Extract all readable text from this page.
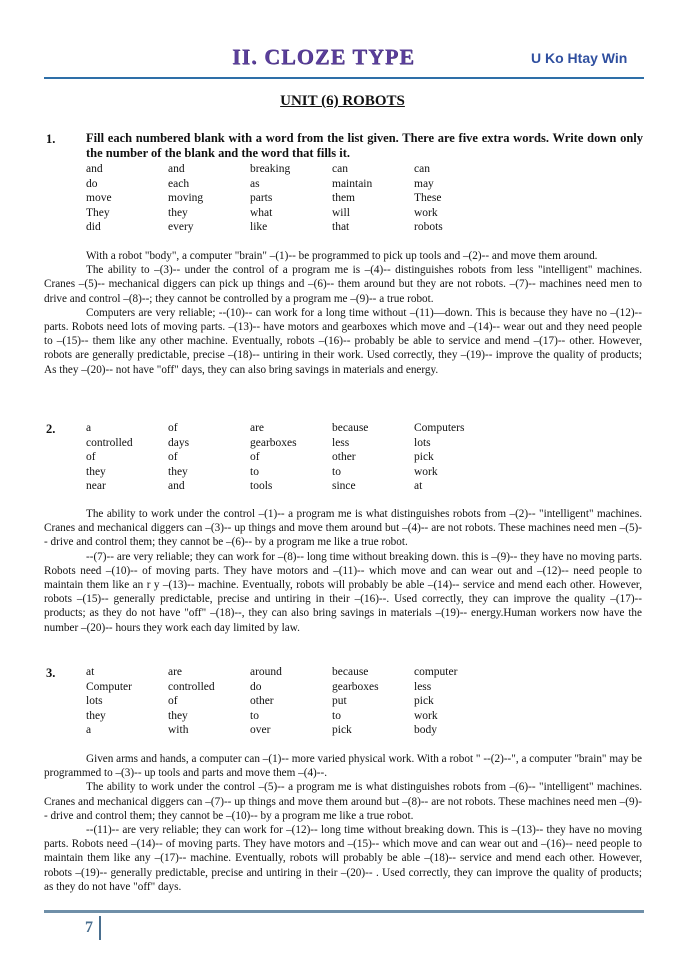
II. CLOZE TYPE	U Ko Htay Win
UNIT (6) ROBOTS
1. Fill each numbered blank with a word from the list given. There are five extra words. Write down only the number of the blank and the word that fills it.
and	and	breaking	can	can
do	each	as	maintain	may
move	moving	parts	them	These
They	they	what	will	work
did	every	like	that	robots

With a robot "body", a computer "brain" –(1)-- be programmed to pick up tools and –(2)-- and move them around.

The ability to –(3)-- under the control of a program me is –(4)-- distinguishes robots from less "intelligent" machines. Cranes –(5)-- mechanical diggers can pick up things and –(6)-- them around but they are not robots. –(7)-- machines need men to drive and control –(8)--; they cannot be controlled by a program me –(9)-- a true robot.

Computers are very reliable; --(10)-- can work for a long time without –(11)—down. This is because they have no –(12)-- parts. Robots need lots of moving parts. –(13)-- have motors and gearboxes which move and –(14)-- wear out and they need people to –(15)-- them like any other machine. Eventually, robots –(16)-- probably be able to service and mend –(17)-- other. However, robots are generally predictable, precise –(18)-- untiring in their work. Used correctly, they –(19)-- improve the quality of products; As they –(20)-- not have "off" days, they can also bring savings in materials and energy.

2.	a	of	are	because	Computers
controlled	days	gearboxes	less	lots
of	of	of	other	pick
they	they	to	to	work
near	and	tools	since	at

The ability to work under the control –(1)-- a program me is what distinguishes robots from –(2)-- "intelligent" machines. Cranes and mechanical diggers can –(3)-- up things and move them around but –(4)-- are not robots. These machines need men –(5)-- drive and control them; they cannot be –(6)-- by a program me like a true robot.

--(7)-- are very reliable; they can work for –(8)-- long time without breaking down. this is –(9)-- they have no moving parts. Robots need –(10)-- of moving parts. They have motors and –(11)-- which move and can wear out and –(12)-- need people to maintain them like an r y –(13)-- machine. Eventually, robots will probably be able –(14)-- service and mend each other. However, robots –(15)-- generally predictable, precise and untiring in their –(16)--. Used correctly, they can improve the quality –(17)-- products; as they do not have "off" –(18)--, they can also bring savings in materials –(19)-- energy.Human workers now have the number –(20)-- hours they work each day limited by law.

3.	at	are	around	because	computer
Computer	controlled	do	gearboxes	less
lots	of	other	put	pick
they	they	to	to	work
a	with	over	pick	body

Given arms and hands, a computer can –(1)-- more varied physical work. With a robot " --(2)--", a computer "brain" may be programmed to –(3)-- up tools and parts and move them –(4)--.

The ability to work under the control –(5)-- a program me is what distinguishes robots from –(6)-- "intelligent" machines. Cranes and mechanical diggers can –(7)-- up things and move them around but –(8)-- are not robots. These machines need men –(9)-- drive and control them; they cannot be –(10)-- by a program me like a true robot.

--(11)-- are very reliable; they can work for –(12)-- long time without breaking down. This is –(13)-- they have no moving parts. Robots need –(14)-- of moving parts. They have motors and –(15)-- which move and can wear out and –(16)-- need people to maintain them like any –(17)-- machine. Eventually, robots will probably be able –(18)-- service and mend each other. However, robots –(19)-- generally predictable, precise and untiring in their –(20)-- . Used correctly, they can improve the quality of products; as they do not have "off" days.

7
